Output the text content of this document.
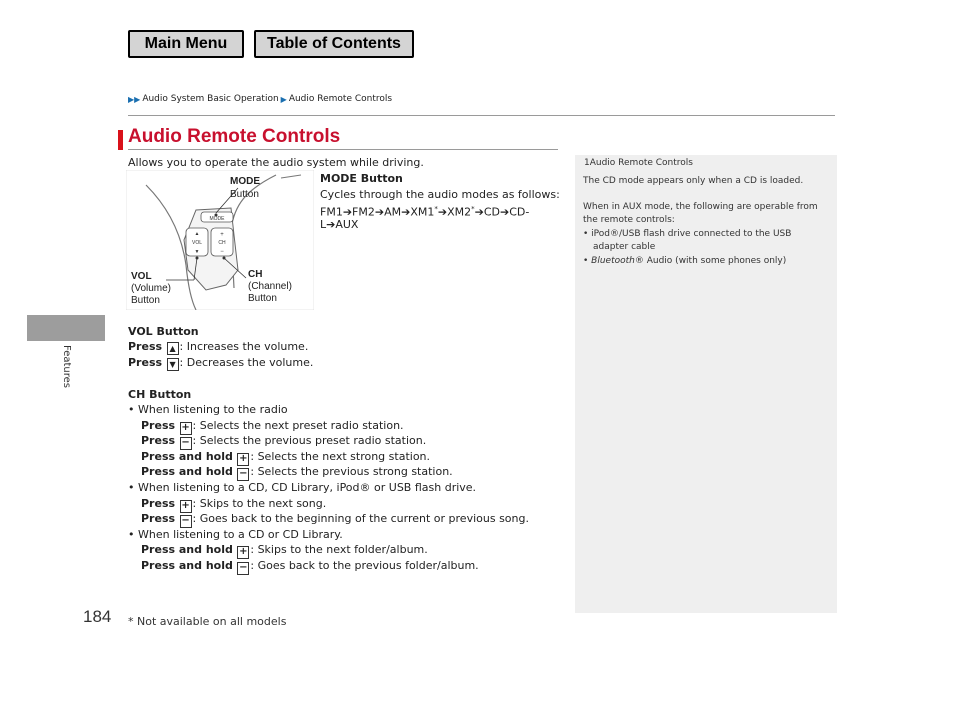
Main Menu	Table of Contents
▶▶ Audio System Basic Operation ▶ Audio Remote Controls
Features
Audio Remote Controls
Allows you to operate the audio system while driving.
MODE
VOL
▲
▼
CH
+
−
MODE
Button
VOL
(Volume)
Button
CH
(Channel)
Button
MODE Button
Cycles through the audio modes as follows:
FM1➔FM2➔AM➔XM1*➔XM2*➔CD➔CD-
L➔AUX
VOL Button
Press ▲ : Increases the volume.
Press ▼ : Decreases the volume.
CH Button
• When listening to the radio
Press + : Selects the next preset radio station.
Press − : Selects the previous preset radio station.
Press and hold + : Selects the next strong station.
Press and hold − : Selects the previous strong station.
• When listening to a CD, CD Library, iPod® or USB flash drive.
Press + : Skips to the next song.
Press − : Goes back to the beginning of the current or previous song.
• When listening to a CD or CD Library.
Press and hold + : Skips to the next folder/album.
Press and hold − : Goes back to the previous folder/album.
1Audio Remote Controls
The CD mode appears only when a CD is loaded.
When in AUX mode, the following are operable from
the remote controls:
• iPod®/USB flash drive connected to the USB
adapter cable
• Bluetooth® Audio (with some phones only)
184 * Not available on all models
